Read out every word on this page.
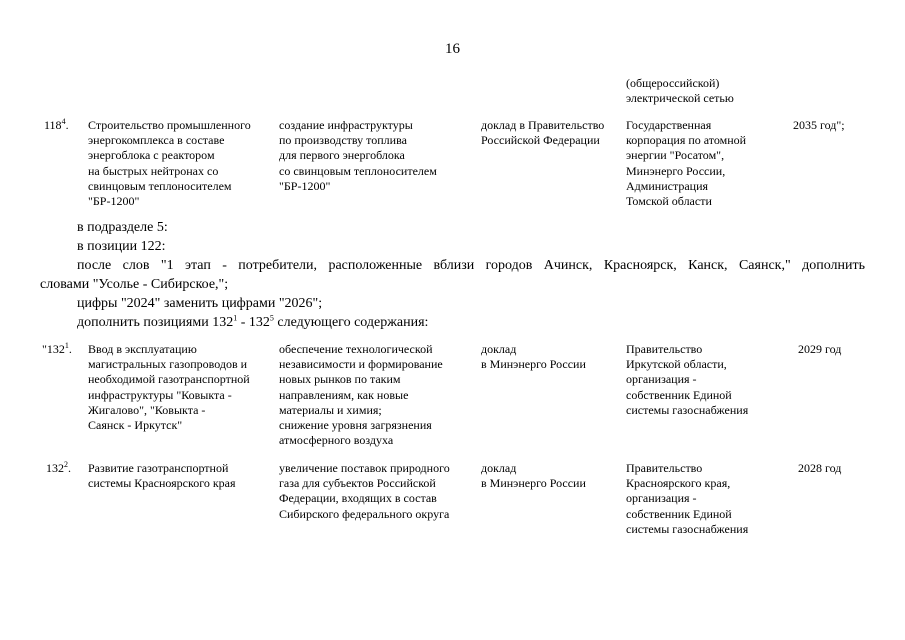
16
(общероссийской)
электрической сетью
$118^4$. Строительство промышленного
энергокомплекса в составе
энергоблока с реактором
на быстрых нейтронах со
свинцовым теплоносителем
"БР-1200"
создание инфраструктуры
по производству топлива
для первого энергоблока
со свинцовым теплоносителем
"БР-1200"
доклад в Правительство
Российской Федерации
Государственная
корпорация по атомной
энергии "Росатом",
Минэнерго России,
Администрация
Томской области
2035 год";
в подразделе 5:
в позиции 122:
после слов "1 этап - потребители, расположенные вблизи городов Ачинск, Красноярск, Канск, Саянск," дополнить
словами "Усолье - Сибирское,";
цифры "2024" заменить цифрами "2026";
дополнить позициями $132^1 - 132^5$ следующего содержания:
"$132^1$. Ввод в эксплуатацию
магистральных газопроводов и
необходимой газотранспортной
инфраструктуры "Ковыкта -
Жигалово", "Ковыкта -
Саянск - Иркутск"
обеспечение технологической
независимости и формирование
новых рынков по таким
направлениям, как новые
материалы и химия;
снижение уровня загрязнения
атмосферного воздуха
доклад
в Минэнерго России
Правительство
Иркутской области,
организация -
собственник Единой
системы газоснабжения
2029 год
$132^2$. Развитие газотранспортной
системы Красноярского края
увеличение поставок природного
газа для субъектов Российской
Федерации, входящих в состав
Сибирского федерального округа
доклад
в Минэнерго России
Правительство
Красноярского края,
организация -
собственник Единой
системы газоснабжения
2028 год
